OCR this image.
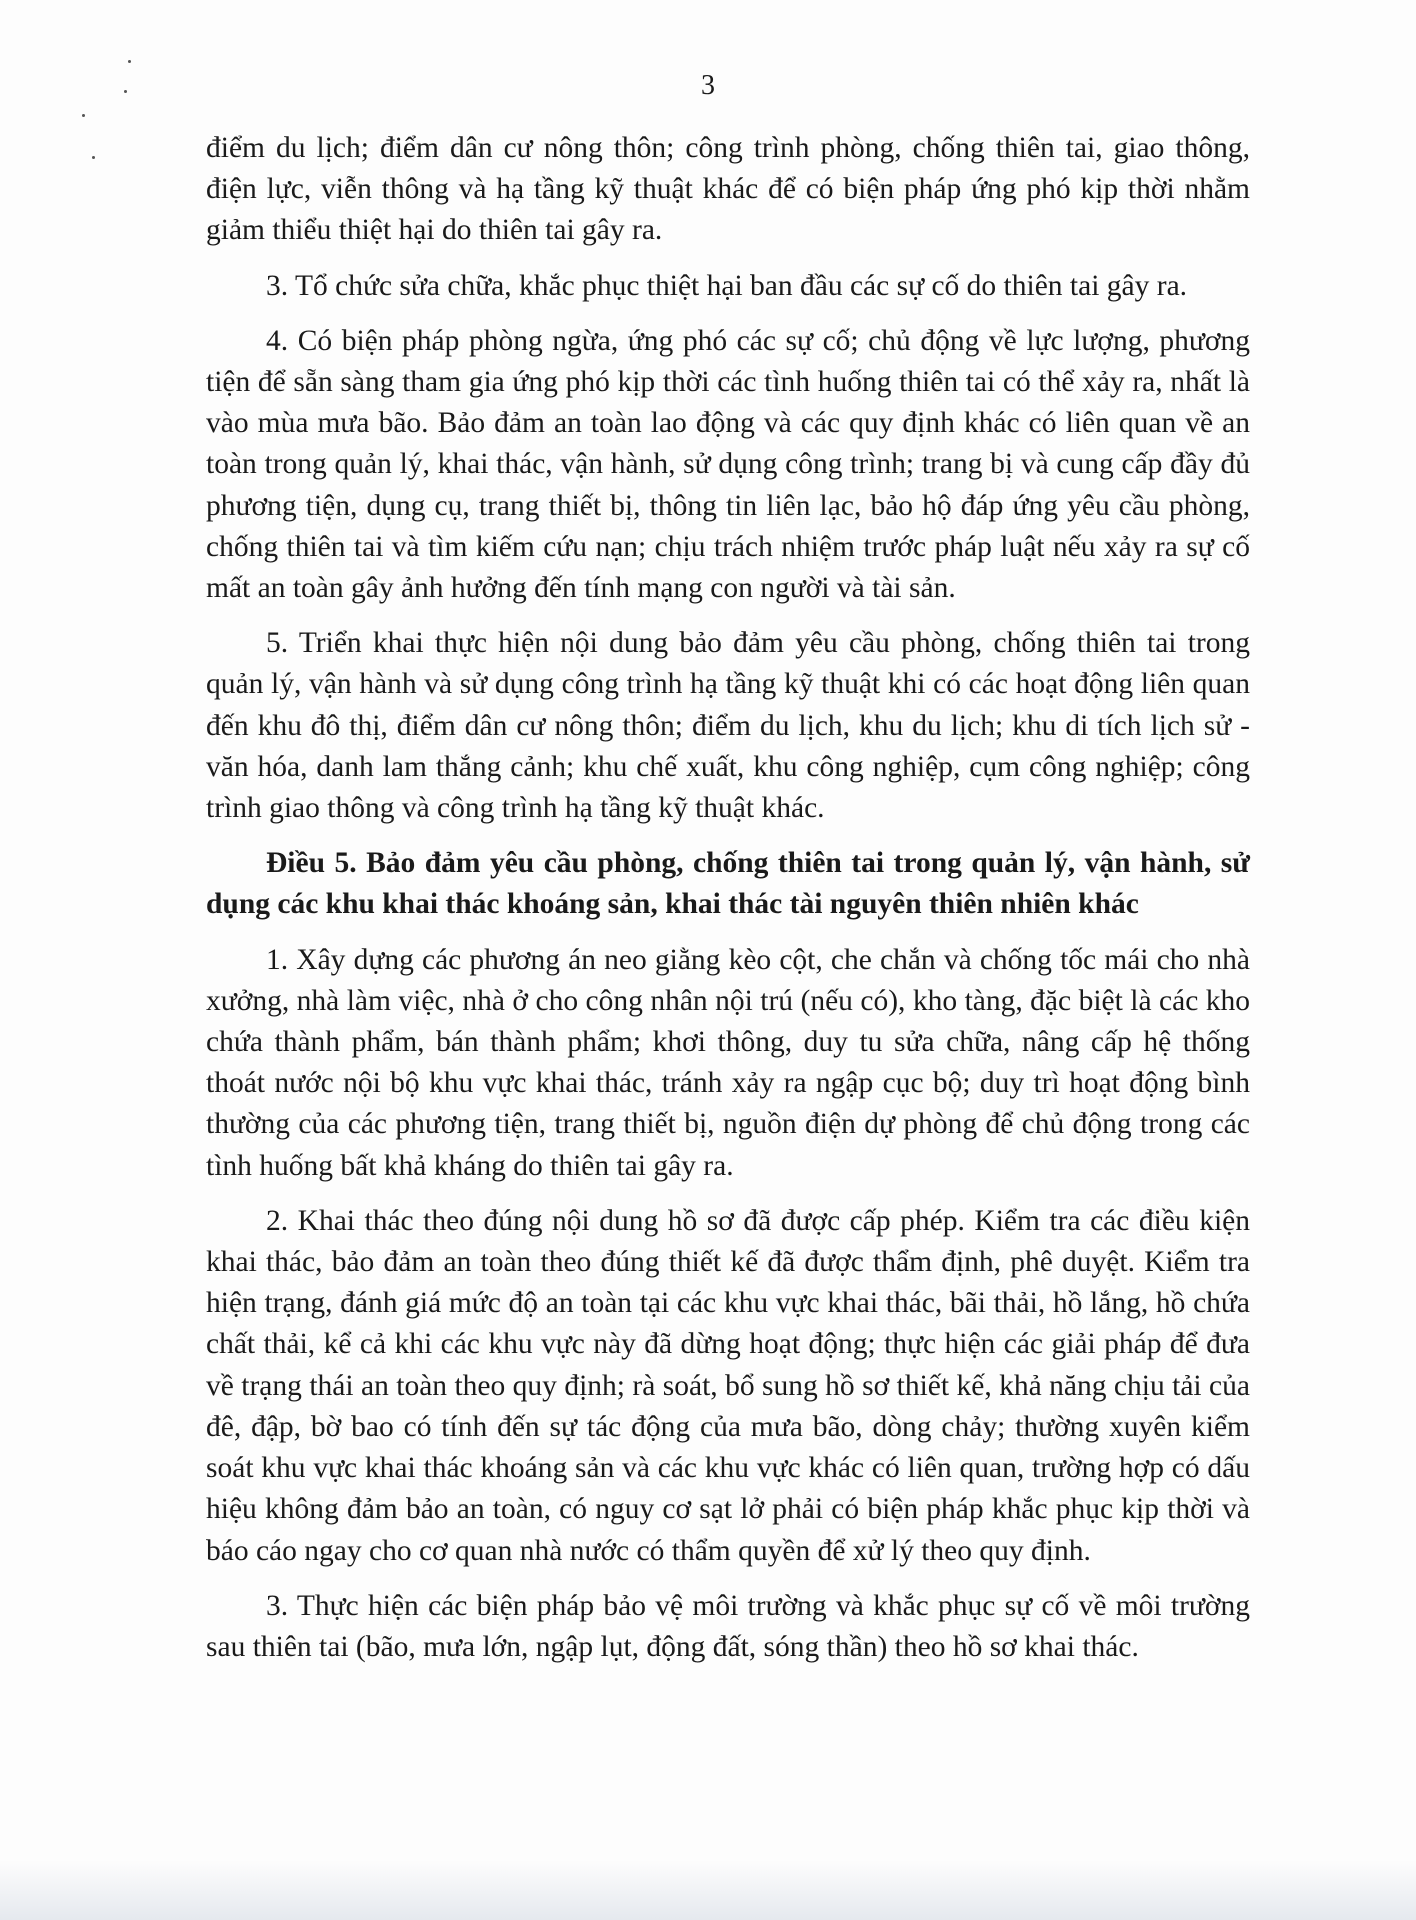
3

điểm du lịch; điểm dân cư nông thôn; công trình phòng, chống thiên tai, giao thông, điện lực, viễn thông và hạ tầng kỹ thuật khác để có biện pháp ứng phó kịp thời nhằm giảm thiểu thiệt hại do thiên tai gây ra.

3. Tổ chức sửa chữa, khắc phục thiệt hại ban đầu các sự cố do thiên tai gây ra.

4. Có biện pháp phòng ngừa, ứng phó các sự cố; chủ động về lực lượng, phương tiện để sẵn sàng tham gia ứng phó kịp thời các tình huống thiên tai có thể xảy ra, nhất là vào mùa mưa bão. Bảo đảm an toàn lao động và các quy định khác có liên quan về an toàn trong quản lý, khai thác, vận hành, sử dụng công trình; trang bị và cung cấp đầy đủ phương tiện, dụng cụ, trang thiết bị, thông tin liên lạc, bảo hộ đáp ứng yêu cầu phòng, chống thiên tai và tìm kiếm cứu nạn; chịu trách nhiệm trước pháp luật nếu xảy ra sự cố mất an toàn gây ảnh hưởng đến tính mạng con người và tài sản.

5. Triển khai thực hiện nội dung bảo đảm yêu cầu phòng, chống thiên tai trong quản lý, vận hành và sử dụng công trình hạ tầng kỹ thuật khi có các hoạt động liên quan đến khu đô thị, điểm dân cư nông thôn; điểm du lịch, khu du lịch; khu di tích lịch sử - văn hóa, danh lam thắng cảnh; khu chế xuất, khu công nghiệp, cụm công nghiệp; công trình giao thông và công trình hạ tầng kỹ thuật khác.

Điều 5. Bảo đảm yêu cầu phòng, chống thiên tai trong quản lý, vận hành, sử dụng các khu khai thác khoáng sản, khai thác tài nguyên thiên nhiên khác

1. Xây dựng các phương án neo giằng kèo cột, che chắn và chống tốc mái cho nhà xưởng, nhà làm việc, nhà ở cho công nhân nội trú (nếu có), kho tàng, đặc biệt là các kho chứa thành phẩm, bán thành phẩm; khơi thông, duy tu sửa chữa, nâng cấp hệ thống thoát nước nội bộ khu vực khai thác, tránh xảy ra ngập cục bộ; duy trì hoạt động bình thường của các phương tiện, trang thiết bị, nguồn điện dự phòng để chủ động trong các tình huống bất khả kháng do thiên tai gây ra.

2. Khai thác theo đúng nội dung hồ sơ đã được cấp phép. Kiểm tra các điều kiện khai thác, bảo đảm an toàn theo đúng thiết kế đã được thẩm định, phê duyệt. Kiểm tra hiện trạng, đánh giá mức độ an toàn tại các khu vực khai thác, bãi thải, hồ lắng, hồ chứa chất thải, kể cả khi các khu vực này đã dừng hoạt động; thực hiện các giải pháp để đưa về trạng thái an toàn theo quy định; rà soát, bổ sung hồ sơ thiết kế, khả năng chịu tải của đê, đập, bờ bao có tính đến sự tác động của mưa bão, dòng chảy; thường xuyên kiểm soát khu vực khai thác khoáng sản và các khu vực khác có liên quan, trường hợp có dấu hiệu không đảm bảo an toàn, có nguy cơ sạt lở phải có biện pháp khắc phục kịp thời và báo cáo ngay cho cơ quan nhà nước có thẩm quyền để xử lý theo quy định.

3. Thực hiện các biện pháp bảo vệ môi trường và khắc phục sự cố về môi trường sau thiên tai (bão, mưa lớn, ngập lụt, động đất, sóng thần) theo hồ sơ khai thác.
